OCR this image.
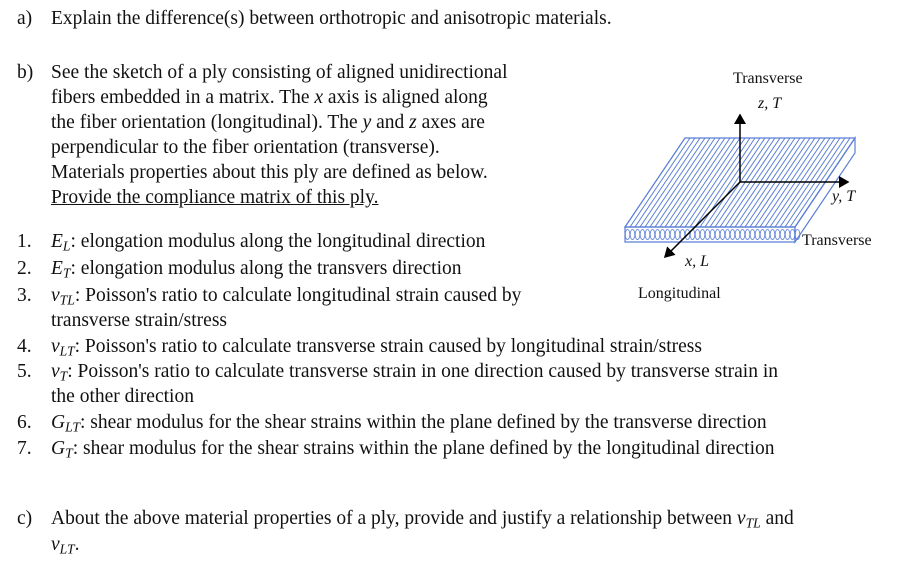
a) Explain the difference(s) between orthotropic and anisotropic materials.
b) See the sketch of a ply consisting of aligned unidirectional
fibers embedded in a matrix. The x axis is aligned along
the fiber orientation (longitudinal). The y and z axes are
perpendicular to the fiber orientation (transverse).
Materials properties about this ply are defined as below.
Provide the compliance matrix of this ply.
1. $E_L$: elongation modulus along the longitudinal direction
2. $E_T$: elongation modulus along the transvers direction
3. $\nu_{TL}$: Poisson's ratio to calculate longitudinal strain caused by
transverse strain/stress
4. $\nu_{LT}$: Poisson's ratio to calculate transverse strain caused by longitudinal strain/stress
5. $\nu_T$: Poisson's ratio to calculate transverse strain in one direction caused by transverse strain in
the other direction
6. $G_{LT}$: shear modulus for the shear strains within the plane defined by the transverse direction
7. $G_T$: shear modulus for the shear strains within the plane defined by the longitudinal direction
c) About the above material properties of a ply, provide and justify a relationship between $\nu_{TL}$ and
$\nu_{LT}$.
Transverse
z, T
y, T
Transverse
x, L
Longitudinal
